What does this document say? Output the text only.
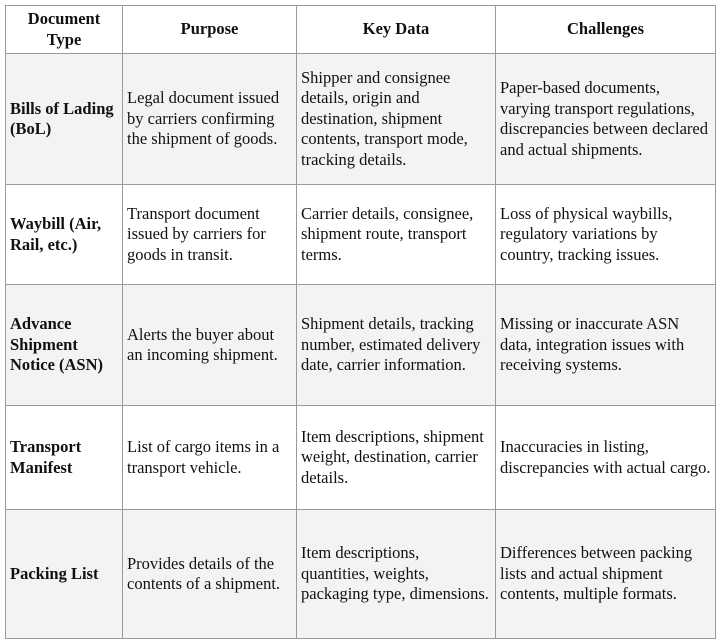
Document Type	Purpose	Key Data	Challenges
Bills of Lading (BoL)	Legal document issued by carriers confirming the shipment of goods.	Shipper and consignee details, origin and destination, shipment contents, transport mode, tracking details.	Paper-based documents, varying transport regulations, discrepancies between declared and actual shipments.
Waybill (Air, Rail, etc.)	Transport document issued by carriers for goods in transit.	Carrier details, consignee, shipment route, transport terms.	Loss of physical waybills, regulatory variations by country, tracking issues.
Advance Shipment Notice (ASN)	Alerts the buyer about an incoming shipment.	Shipment details, tracking number, estimated delivery date, carrier information.	Missing or inaccurate ASN data, integration issues with receiving systems.
Transport Manifest	List of cargo items in a transport vehicle.	Item descriptions, shipment weight, destination, carrier details.	Inaccuracies in listing, discrepancies with actual cargo.
Packing List	Provides details of the contents of a shipment.	Item descriptions, quantities, weights, packaging type, dimensions.	Differences between packing lists and actual shipment contents, multiple formats.
